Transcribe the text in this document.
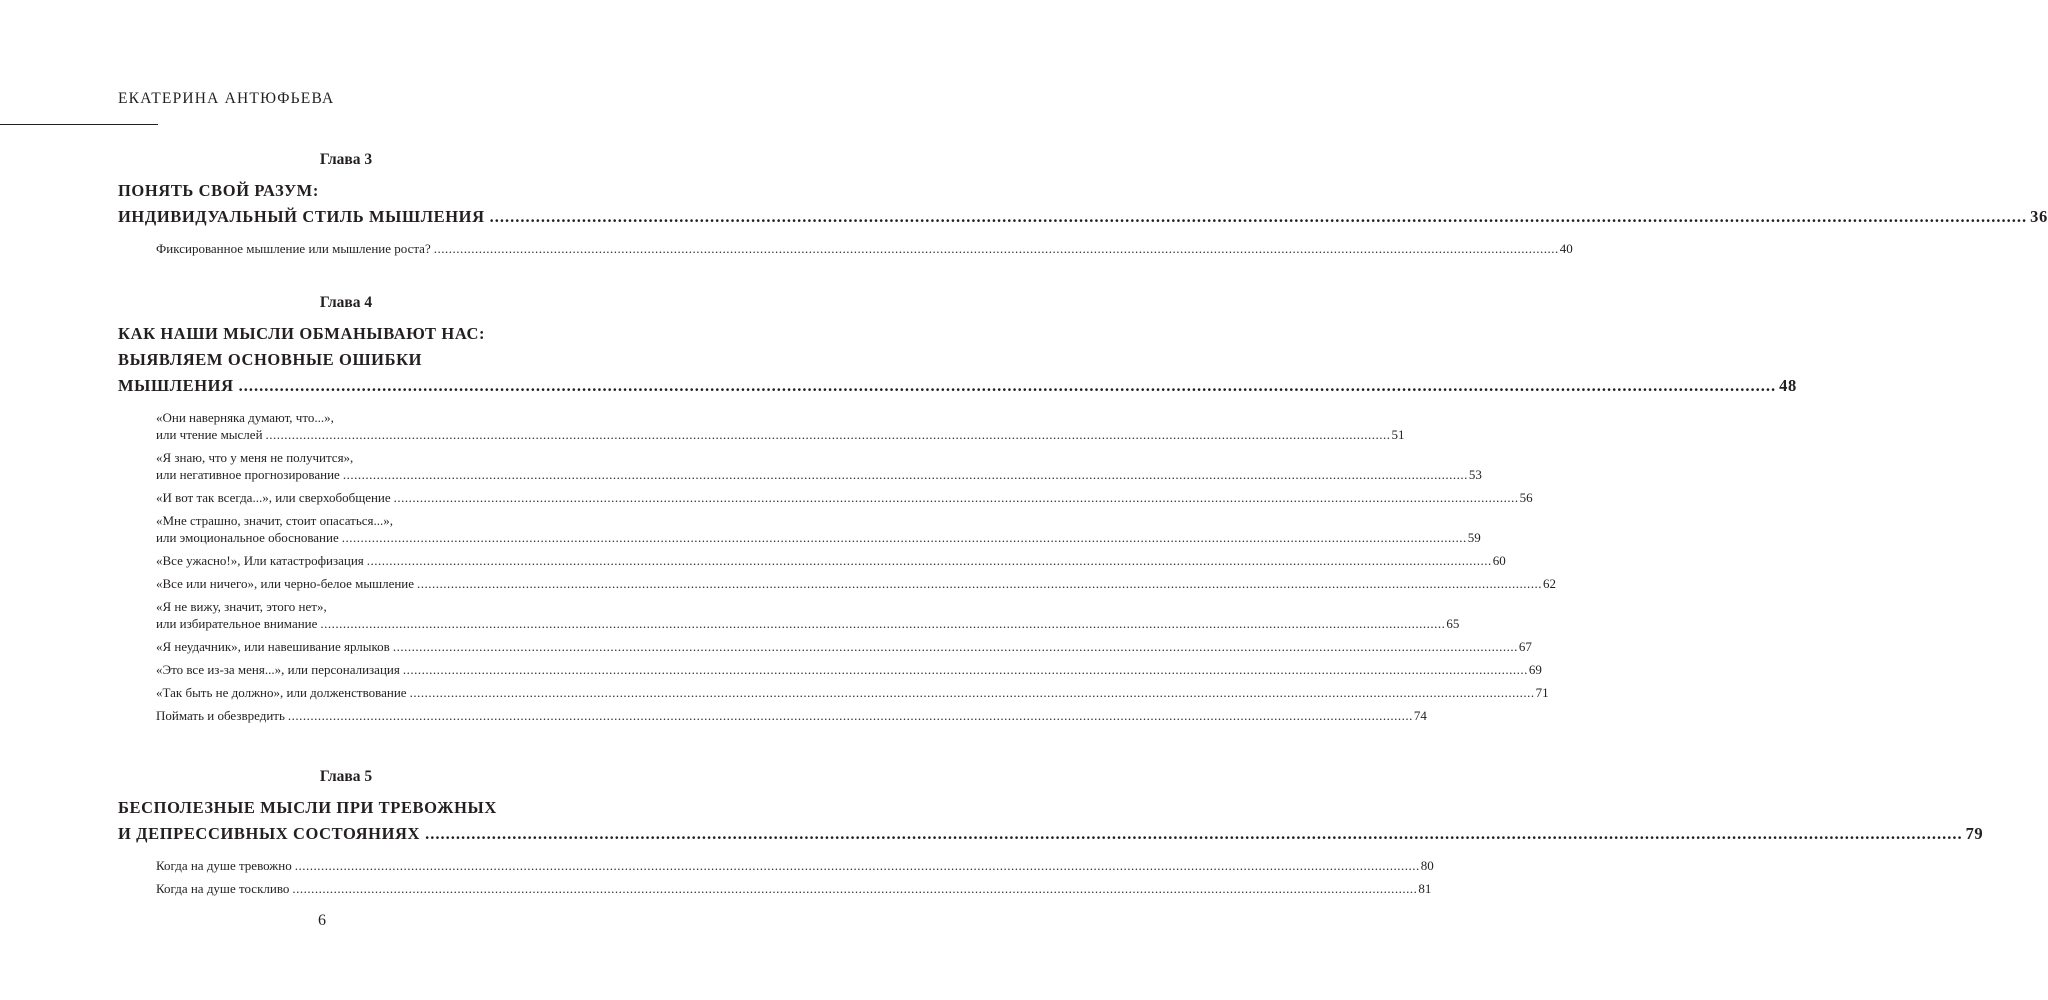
ЕКАТЕРИНА АНТЮФЬЕВА
Глава 3
ПОНЯТЬ СВОЙ РАЗУМ:
ИНДИВИДУАЛЬНЫЙ СТИЛЬ МЫШЛЕНИЯ ............................................................................................................................................................................................................................................................................................................ 36
Фиксированное мышление или мышление роста? ............................................................................................................................................................................................................................................................................................................ 40
Глава 4
КАК НАШИ МЫСЛИ ОБМАНЫВАЮТ НАС:
ВЫЯВЛЯЕМ ОСНОВНЫЕ ОШИБКИ
МЫШЛЕНИЯ ............................................................................................................................................................................................................................................................................................................ 48
«Они наверняка думают, что...»,
или чтение мыслей ............................................................................................................................................................................................................................................................................................................ 51
«Я знаю, что у меня не получится»,
или негативное прогнозирование ............................................................................................................................................................................................................................................................................................................ 53
«И вот так всегда...», или сверхобобщение ............................................................................................................................................................................................................................................................................................................ 56
«Мне страшно, значит, стоит опасаться...»,
или эмоциональное обоснование ............................................................................................................................................................................................................................................................................................................ 59
«Все ужасно!», Или катастрофизация ............................................................................................................................................................................................................................................................................................................ 60
«Все или ничего», или черно-белое мышление ............................................................................................................................................................................................................................................................................................................ 62
«Я не вижу, значит, этого нет»,
или избирательное внимание ............................................................................................................................................................................................................................................................................................................ 65
«Я неудачник», или навешивание ярлыков ............................................................................................................................................................................................................................................................................................................ 67
«Это все из-за меня...», или персонализация ............................................................................................................................................................................................................................................................................................................ 69
«Так быть не должно», или долженствование ............................................................................................................................................................................................................................................................................................................ 71
Поймать и обезвредить ............................................................................................................................................................................................................................................................................................................ 74
Глава 5
БЕСПОЛЕЗНЫЕ МЫСЛИ ПРИ ТРЕВОЖНЫХ
И ДЕПРЕССИВНЫХ СОСТОЯНИЯХ ............................................................................................................................................................................................................................................................................................................ 79
Когда на душе тревожно ............................................................................................................................................................................................................................................................................................................ 80
Когда на душе тоскливо ............................................................................................................................................................................................................................................................................................................ 81
6
